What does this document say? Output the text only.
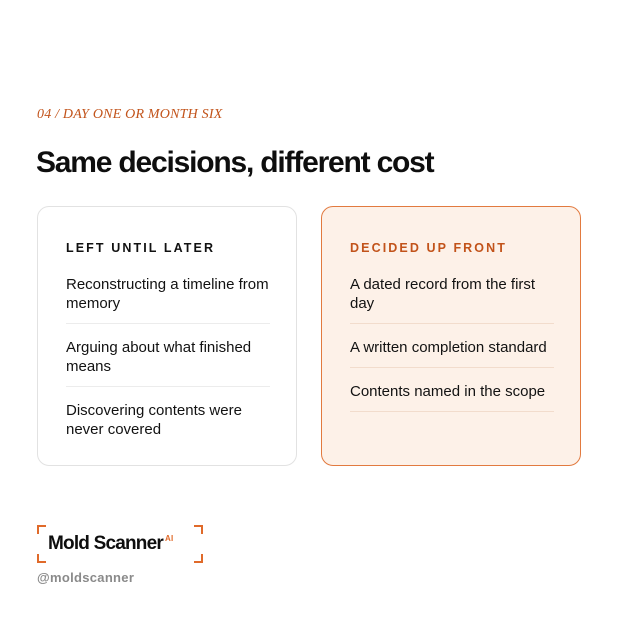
04 / DAY ONE OR MONTH SIX
Same decisions, different cost
LEFT UNTIL LATER
Reconstructing a timeline from memory
Arguing about what finished means
Discovering contents were never covered
DECIDED UP FRONT
A dated record from the first day
A written completion standard
Contents named in the scope
Mold Scanner $^{AI}$
@moldscanner
